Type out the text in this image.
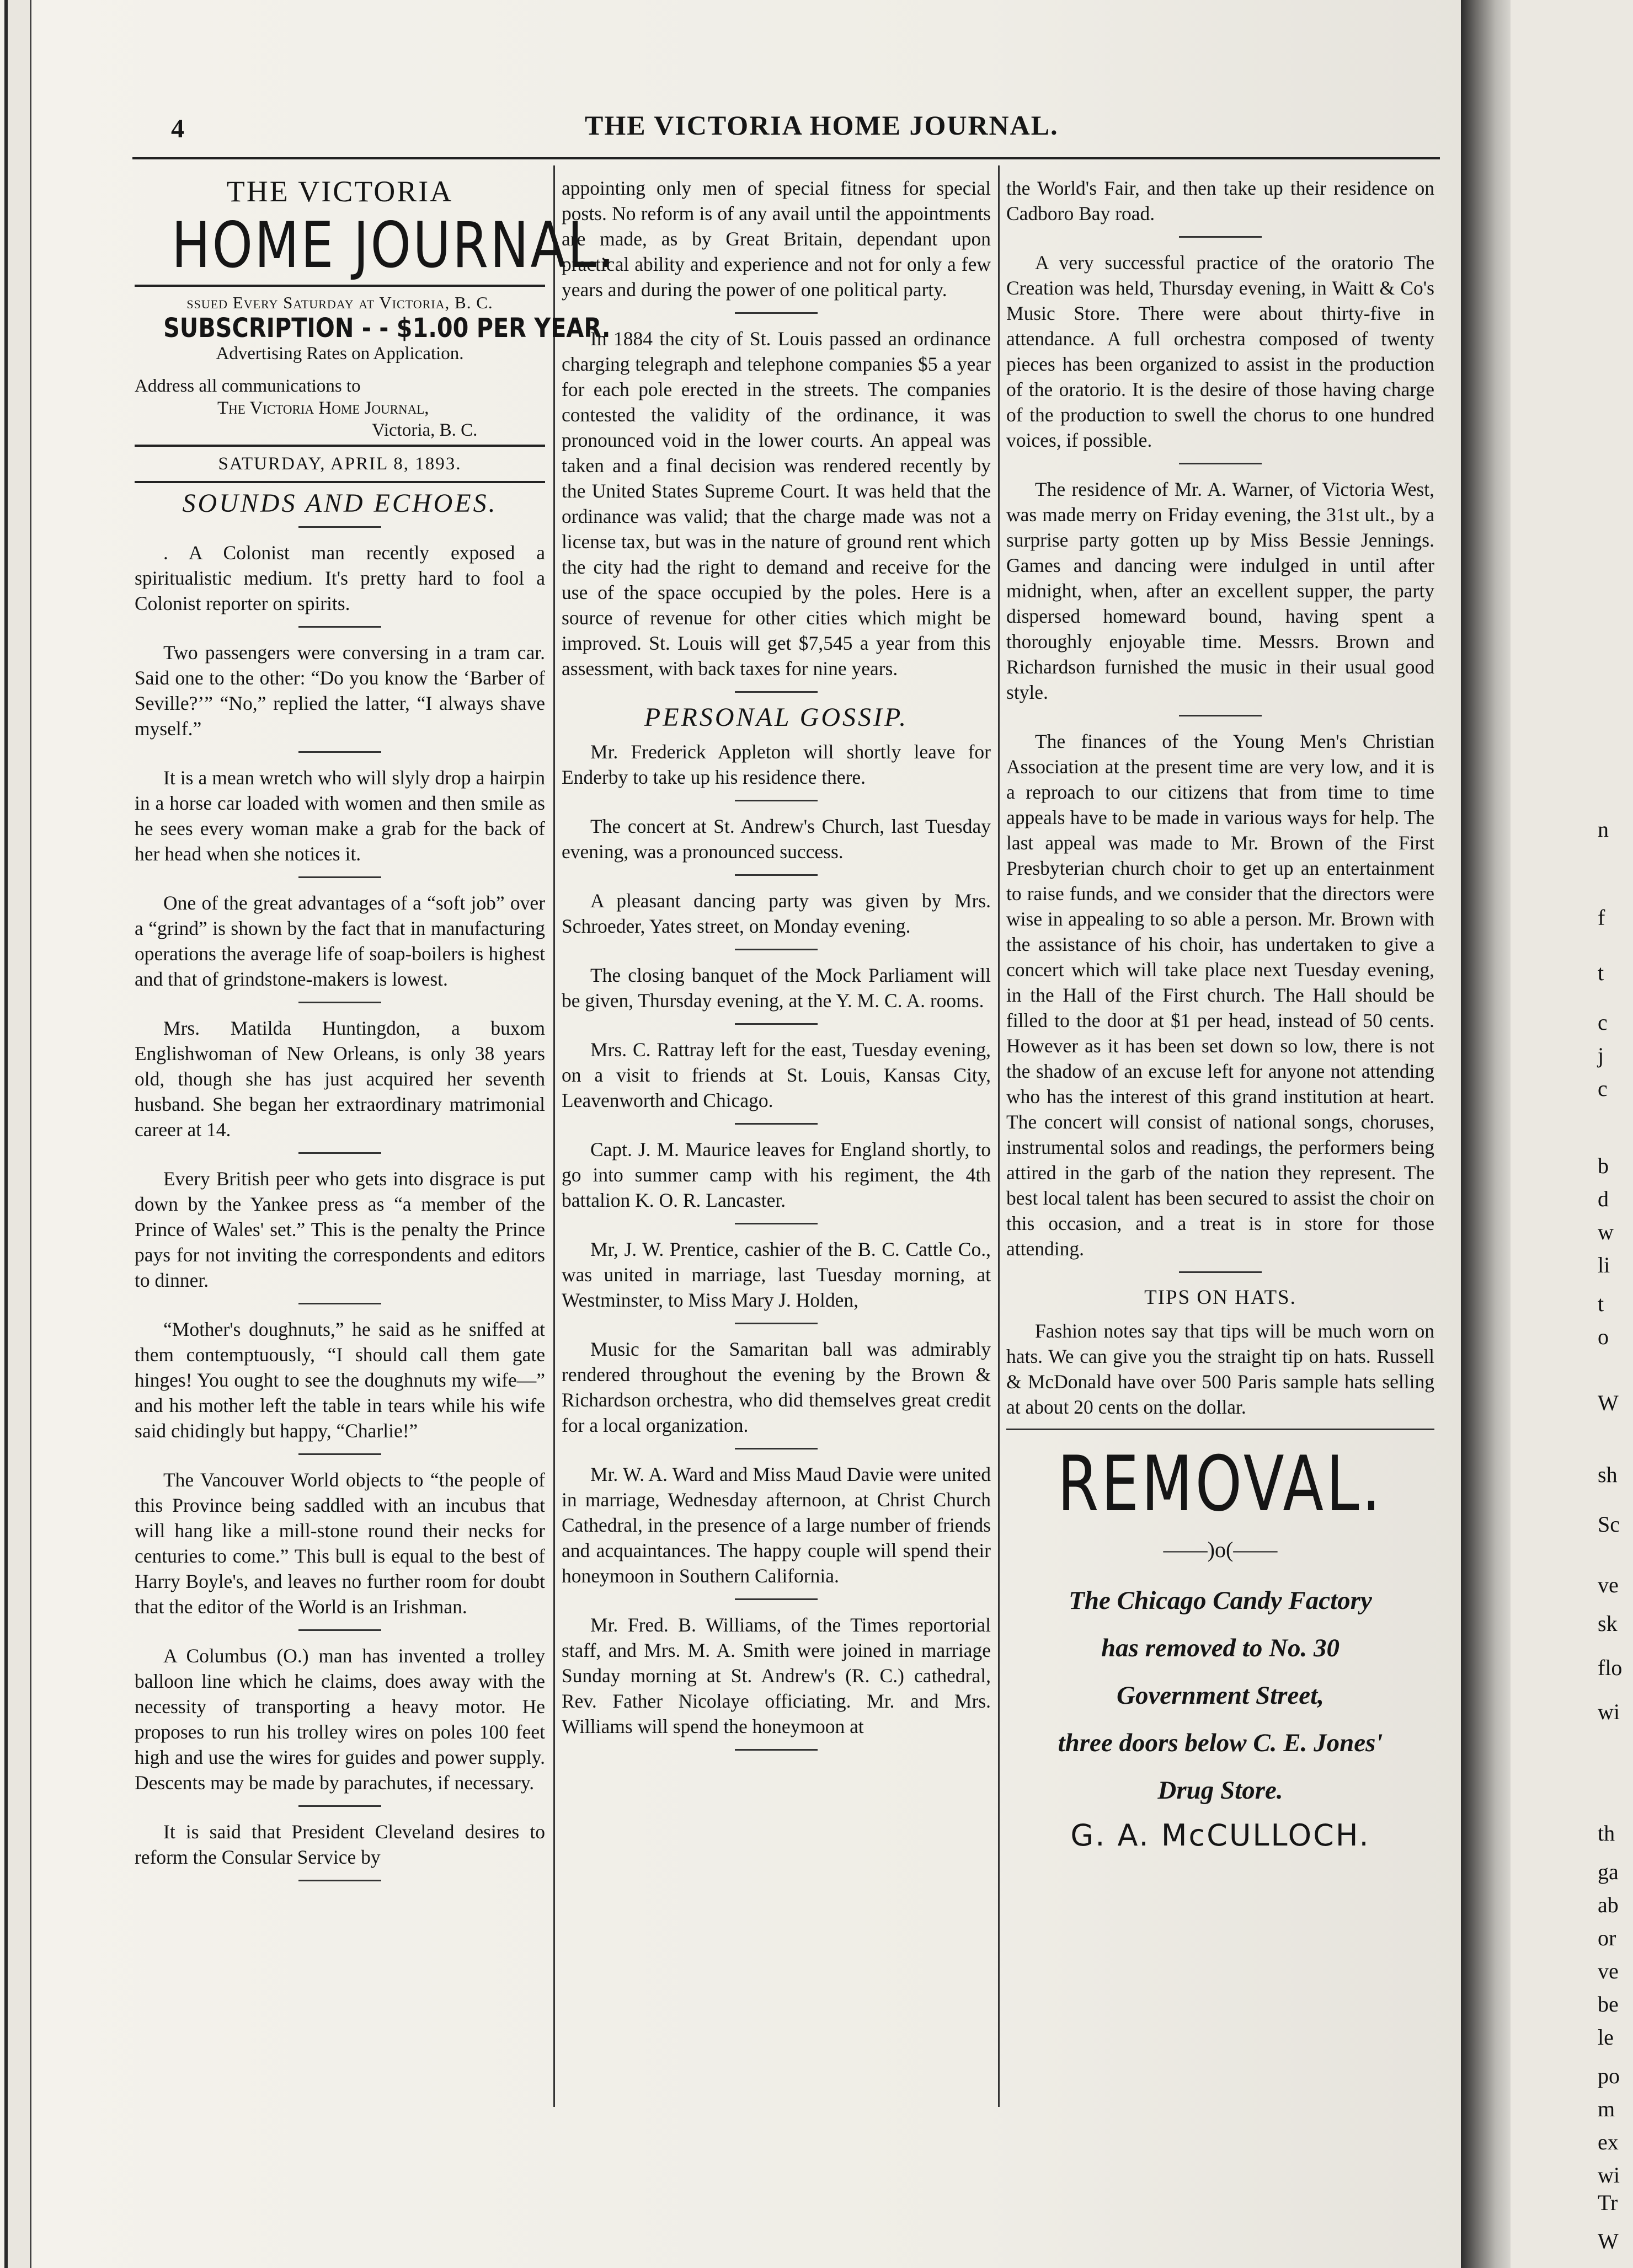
n
f
t
c
j
c
b
d
w
li
t
o
W
sh
Sc
ve
sk
flo
wi
th
ga
ab
or
ve
be
le
po
m
ex
wi
Tr
W
4	THE VICTORIA HOME JOURNAL.
THE VICTORIA
HOME JOURNAL.
ssued Every Saturday at Victoria, B. C.
SUBSCRIPTION - - $1.00 PER YEAR.
Advertising Rates on Application.
Address all communications to
The Victoria Home Journal,
Victoria, B. C.
SATURDAY, APRIL 8, 1893.
SOUNDS AND ECHOES.

. A Colonist man recently exposed a spiritualistic medium. It's pretty hard to fool a Colonist reporter on spirits.

Two passengers were conversing in a tram car. Said one to the other: “Do you know the ‘Barber of Seville?’” “No,” replied the latter, “I always shave myself.”

It is a mean wretch who will slyly drop a hairpin in a horse car loaded with women and then smile as he sees every woman make a grab for the back of her head when she notices it.

One of the great advantages of a “soft job” over a “grind” is shown by the fact that in manufacturing operations the average life of soap-boilers is highest and that of grindstone-makers is lowest.

Mrs. Matilda Huntingdon, a buxom Englishwoman of New Orleans, is only 38 years old, though she has just acquired her seventh husband. She began her extraordinary matrimonial career at 14.

Every British peer who gets into disgrace is put down by the Yankee press as “a member of the Prince of Wales' set.” This is the penalty the Prince pays for not inviting the correspondents and editors to dinner.

“Mother's doughnuts,” he said as he sniffed at them contemptuously, “I should call them gate hinges! You ought to see the doughnuts my wife—” and his mother left the table in tears while his wife said chidingly but happy, “Charlie!”

The Vancouver World objects to “the people of this Province being saddled with an incubus that will hang like a mill-stone round their necks for centuries to come.” This bull is equal to the best of Harry Boyle's, and leaves no further room for doubt that the editor of the World is an Irishman.

A Columbus (O.) man has invented a trolley balloon line which he claims, does away with the necessity of transporting a heavy motor. He proposes to run his trolley wires on poles 100 feet high and use the wires for guides and power supply. Descents may be made by parachutes, if necessary.

It is said that President Cleveland desires to reform the Consular Service by

appointing only men of special fitness for special posts. No reform is of any avail until the appointments are made, as by Great Britain, dependant upon practical ability and experience and not for only a few years and during the power of one political party.

In 1884 the city of St. Louis passed an ordinance charging telegraph and telephone companies $5 a year for each pole erected in the streets. The companies contested the validity of the ordinance, it was pronounced void in the lower courts. An appeal was taken and a final decision was rendered recently by the United States Supreme Court. It was held that the ordinance was valid; that the charge made was not a license tax, but was in the nature of ground rent which the city had the right to demand and receive for the use of the space occupied by the poles. Here is a source of revenue for other cities which might be improved. St. Louis will get $7,545 a year from this assessment, with back taxes for nine years.

PERSONAL GOSSIP.

Mr. Frederick Appleton will shortly leave for Enderby to take up his residence there.

The concert at St. Andrew's Church, last Tuesday evening, was a pronounced success.

A pleasant dancing party was given by Mrs. Schroeder, Yates street, on Monday evening.

The closing banquet of the Mock Parliament will be given, Thursday evening, at the Y. M. C. A. rooms.

Mrs. C. Rattray left for the east, Tuesday evening, on a visit to friends at St. Louis, Kansas City, Leavenworth and Chicago.

Capt. J. M. Maurice leaves for England shortly, to go into summer camp with his regiment, the 4th battalion K. O. R. Lancaster.

Mr, J. W. Prentice, cashier of the B. C. Cattle Co., was united in marriage, last Tuesday morning, at Westminster, to Miss Mary J. Holden,

Music for the Samaritan ball was admirably rendered throughout the evening by the Brown & Richardson orchestra, who did themselves great credit for a local organization.

Mr. W. A. Ward and Miss Maud Davie were united in marriage, Wednesday afternoon, at Christ Church Cathedral, in the presence of a large number of friends and acquaintances. The happy couple will spend their honeymoon in Southern California.

Mr. Fred. B. Williams, of the Times reportorial staff, and Mrs. M. A. Smith were joined in marriage Sunday morning at St. Andrew's (R. C.) cathedral, Rev. Father Nicolaye officiating. Mr. and Mrs. Williams will spend the honeymoon at

the World's Fair, and then take up their residence on Cadboro Bay road.

A very successful practice of the oratorio The Creation was held, Thursday evening, in Waitt & Co's Music Store. There were about thirty-five in attendance. A full orchestra composed of twenty pieces has been organized to assist in the production of the oratorio. It is the desire of those having charge of the production to swell the chorus to one hundred voices, if possible.

The residence of Mr. A. Warner, of Victoria West, was made merry on Friday evening, the 31st ult., by a surprise party gotten up by Miss Bessie Jennings. Games and dancing were indulged in until after midnight, when, after an excellent supper, the party dispersed homeward bound, having spent a thoroughly enjoyable time. Messrs. Brown and Richardson furnished the music in their usual good style.

The finances of the Young Men's Christian Association at the present time are very low, and it is a reproach to our citizens that from time to time appeals have to be made in various ways for help. The last appeal was made to Mr. Brown of the First Presbyterian church choir to get up an entertainment to raise funds, and we consider that the directors were wise in appealing to so able a person. Mr. Brown with the assistance of his choir, has undertaken to give a concert which will take place next Tuesday evening, in the Hall of the First church. The Hall should be filled to the door at $1 per head, instead of 50 cents. However as it has been set down so low, there is not the shadow of an excuse left for anyone not attending who has the interest of this grand institution at heart. The concert will consist of national songs, choruses, instrumental solos and readings, the performers being attired in the garb of the nation they represent. The best local talent has been secured to assist the choir on this occasion, and a treat is in store for those attending.

TIPS ON HATS.

Fashion notes say that tips will be much worn on hats. We can give you the straight tip on hats. Russell & McDonald have over 500 Paris sample hats selling at about 20 cents on the dollar.

REMOVAL.
——)o(——
The Chicago Candy Factory
has removed to No. 30
Government Street,
three doors below C. E. Jones'
Drug Store.
G. A. McCULLOCH.
